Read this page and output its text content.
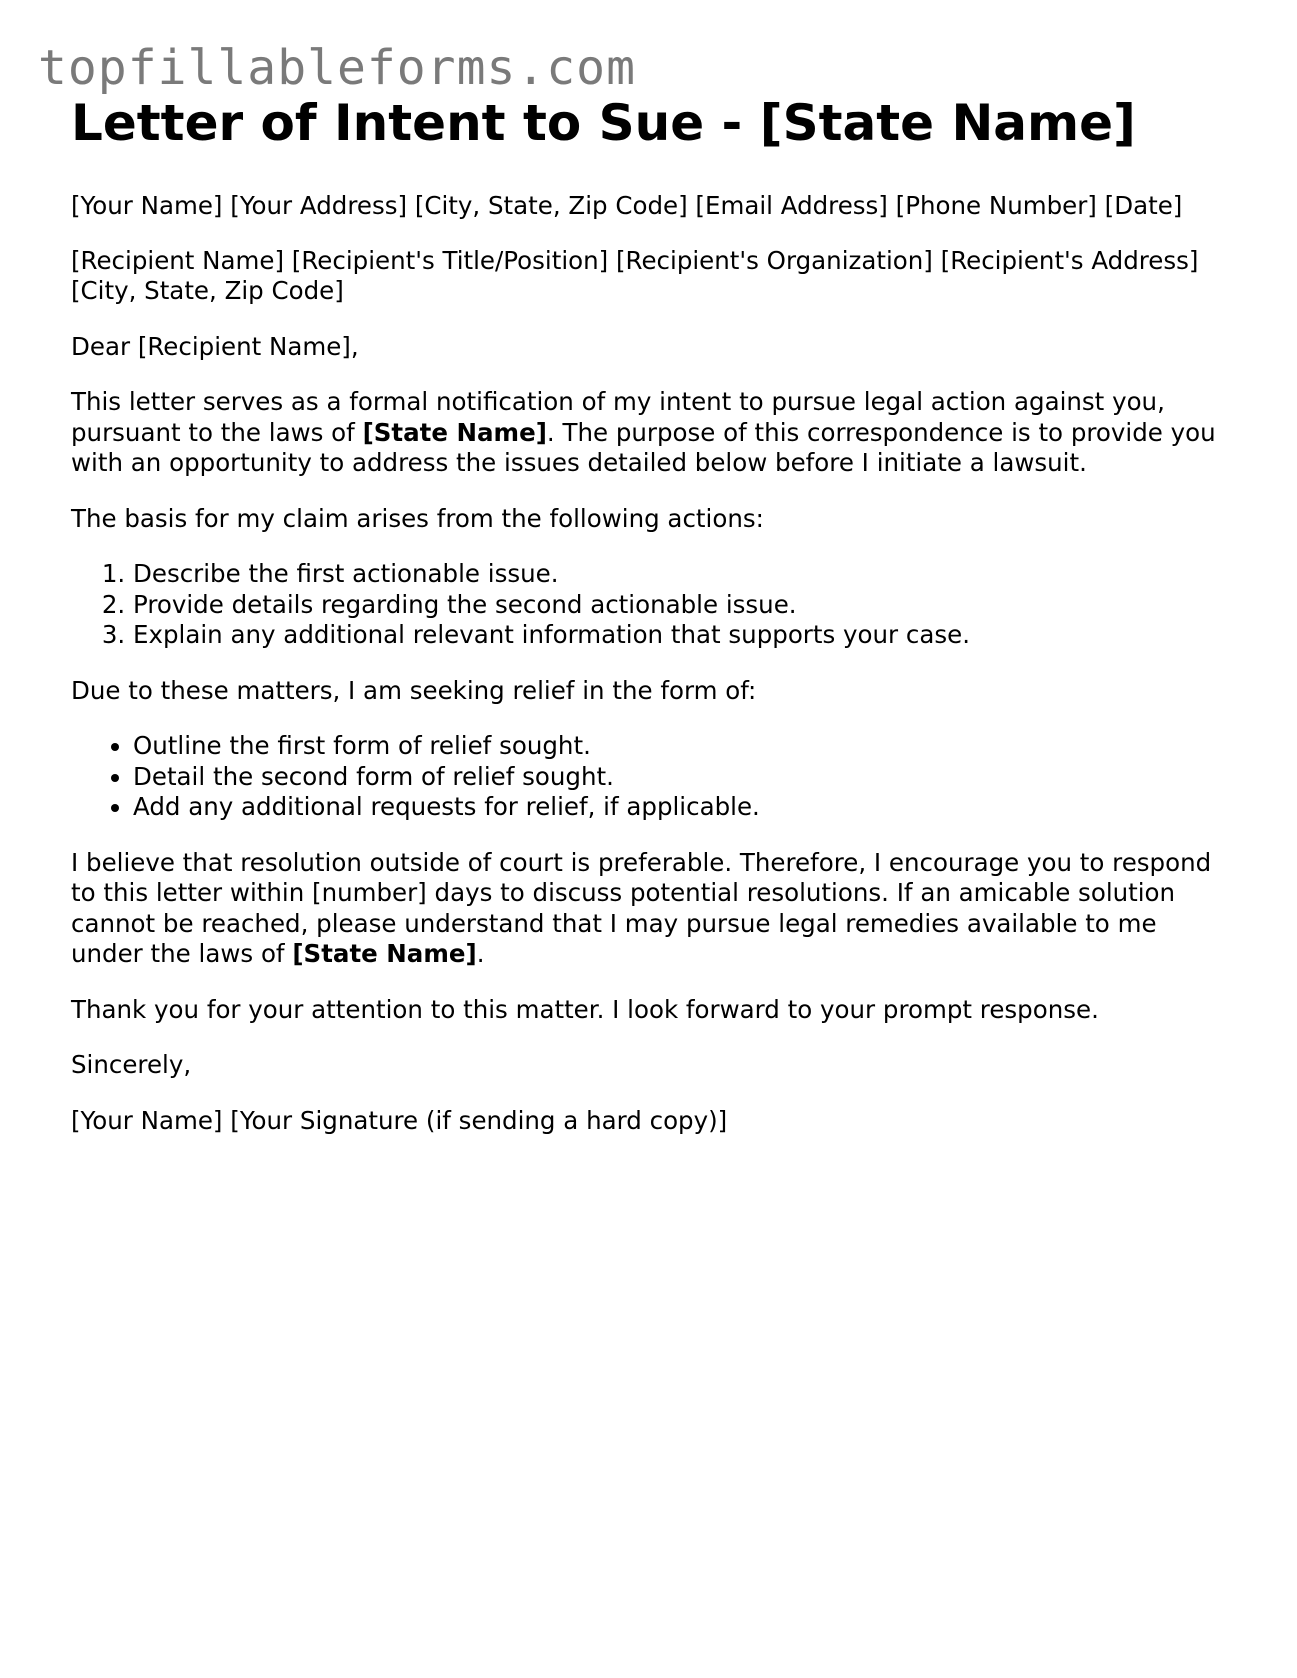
topfillableforms.com
Letter of Intent to Sue - [State Name]

[Your Name] [Your Address] [City, State, Zip Code] [Email Address] [Phone Number] [Date]

[Recipient Name] [Recipient's Title/Position] [Recipient's Organization] [Recipient's Address] [City, State, Zip Code]

Dear [Recipient Name],

This letter serves as a formal notification of my intent to pursue legal action against you, pursuant to the laws of [State Name]. The purpose of this correspondence is to provide you with an opportunity to address the issues detailed below before I initiate a lawsuit.

The basis for my claim arises from the following actions:

1. Describe the first actionable issue.
2. Provide details regarding the second actionable issue.
3. Explain any additional relevant information that supports your case.

Due to these matters, I am seeking relief in the form of:

• Outline the first form of relief sought.
• Detail the second form of relief sought.
• Add any additional requests for relief, if applicable.

I believe that resolution outside of court is preferable. Therefore, I encourage you to respond to this letter within [number] days to discuss potential resolutions. If an amicable solution cannot be reached, please understand that I may pursue legal remedies available to me under the laws of [State Name].

Thank you for your attention to this matter. I look forward to your prompt response.

Sincerely,

[Your Name] [Your Signature (if sending a hard copy)]
